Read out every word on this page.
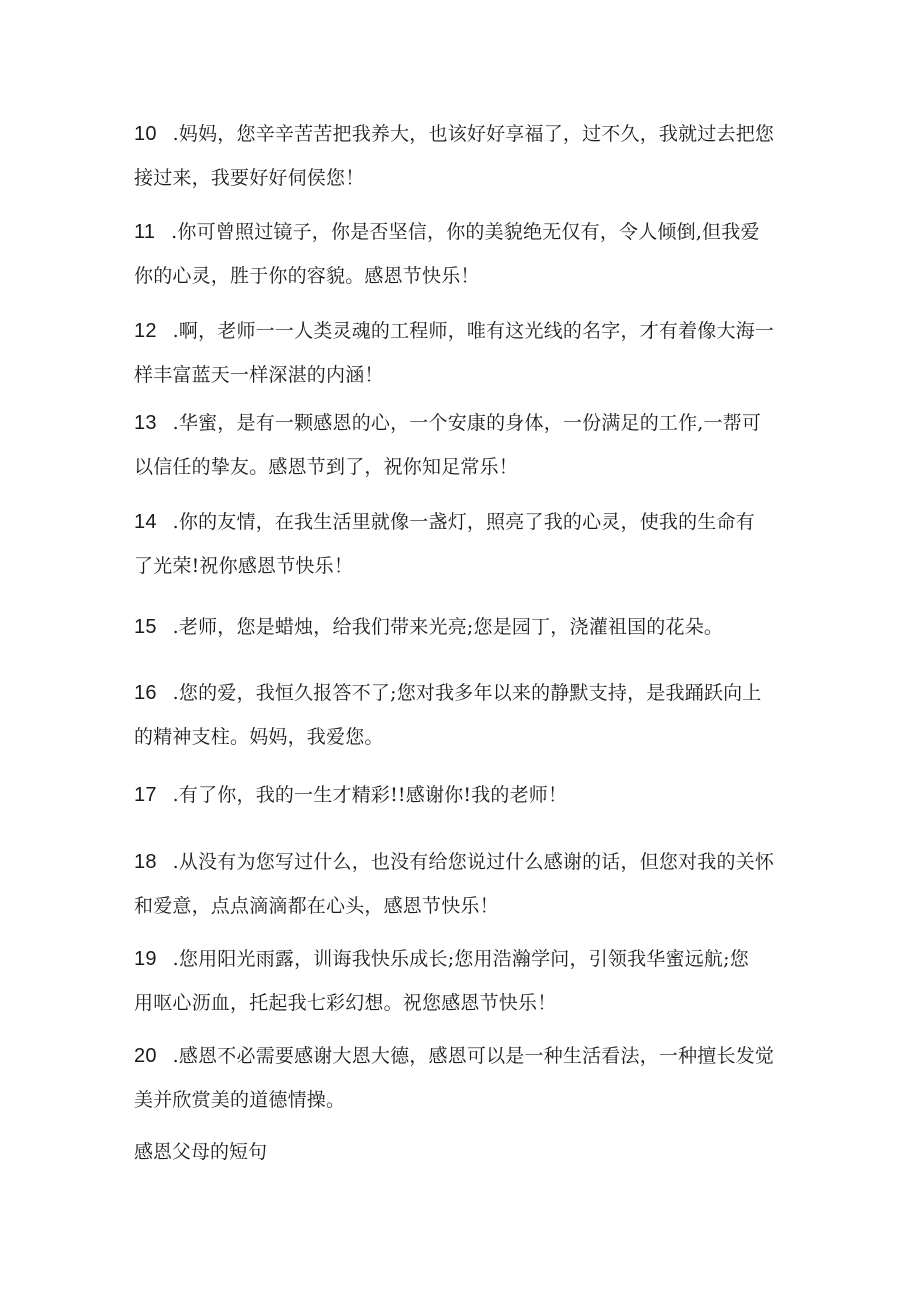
10 .妈妈，您辛辛苦苦把我养大，也该好好享福了，过不久，我就过去把您
接过来，我要好好伺侯您！
11 .你可曾照过镜子，你是否坚信，你的美貌绝无仅有，令人倾倒,但我爱
你的心灵，胜于你的容貌。感恩节快乐！
12 .啊，老师一一人类灵魂的工程师，唯有这光线的名字，才有着像大海一
样丰富蓝天一样深湛的内涵！
13 .华蜜，是有一颗感恩的心，一个安康的身体，一份满足的工作,一帮可
以信任的挚友。感恩节到了，祝你知足常乐！
14 .你的友情，在我生活里就像一盏灯，照亮了我的心灵，使我的生命有
了光荣!祝你感恩节快乐！
15 .老师，您是蜡烛，给我们带来光亮;您是园丁，浇灌祖国的花朵。
16 .您的爱，我恒久报答不了;您对我多年以来的静默支持，是我踊跃向上
的精神支柱。妈妈，我爱您。
17 .有了你，我的一生才精彩!!感谢你!我的老师！
18 .从没有为您写过什么，也没有给您说过什么感谢的话，但您对我的关怀
和爱意，点点滴滴都在心头，感恩节快乐！
19 .您用阳光雨露，训诲我快乐成长;您用浩瀚学问，引领我华蜜远航;您
用呕心沥血，托起我七彩幻想。祝您感恩节快乐！
20 .感恩不必需要感谢大恩大德，感恩可以是一种生活看法，一种擅长发觉
美并欣赏美的道德情操。
感恩父母的短句
